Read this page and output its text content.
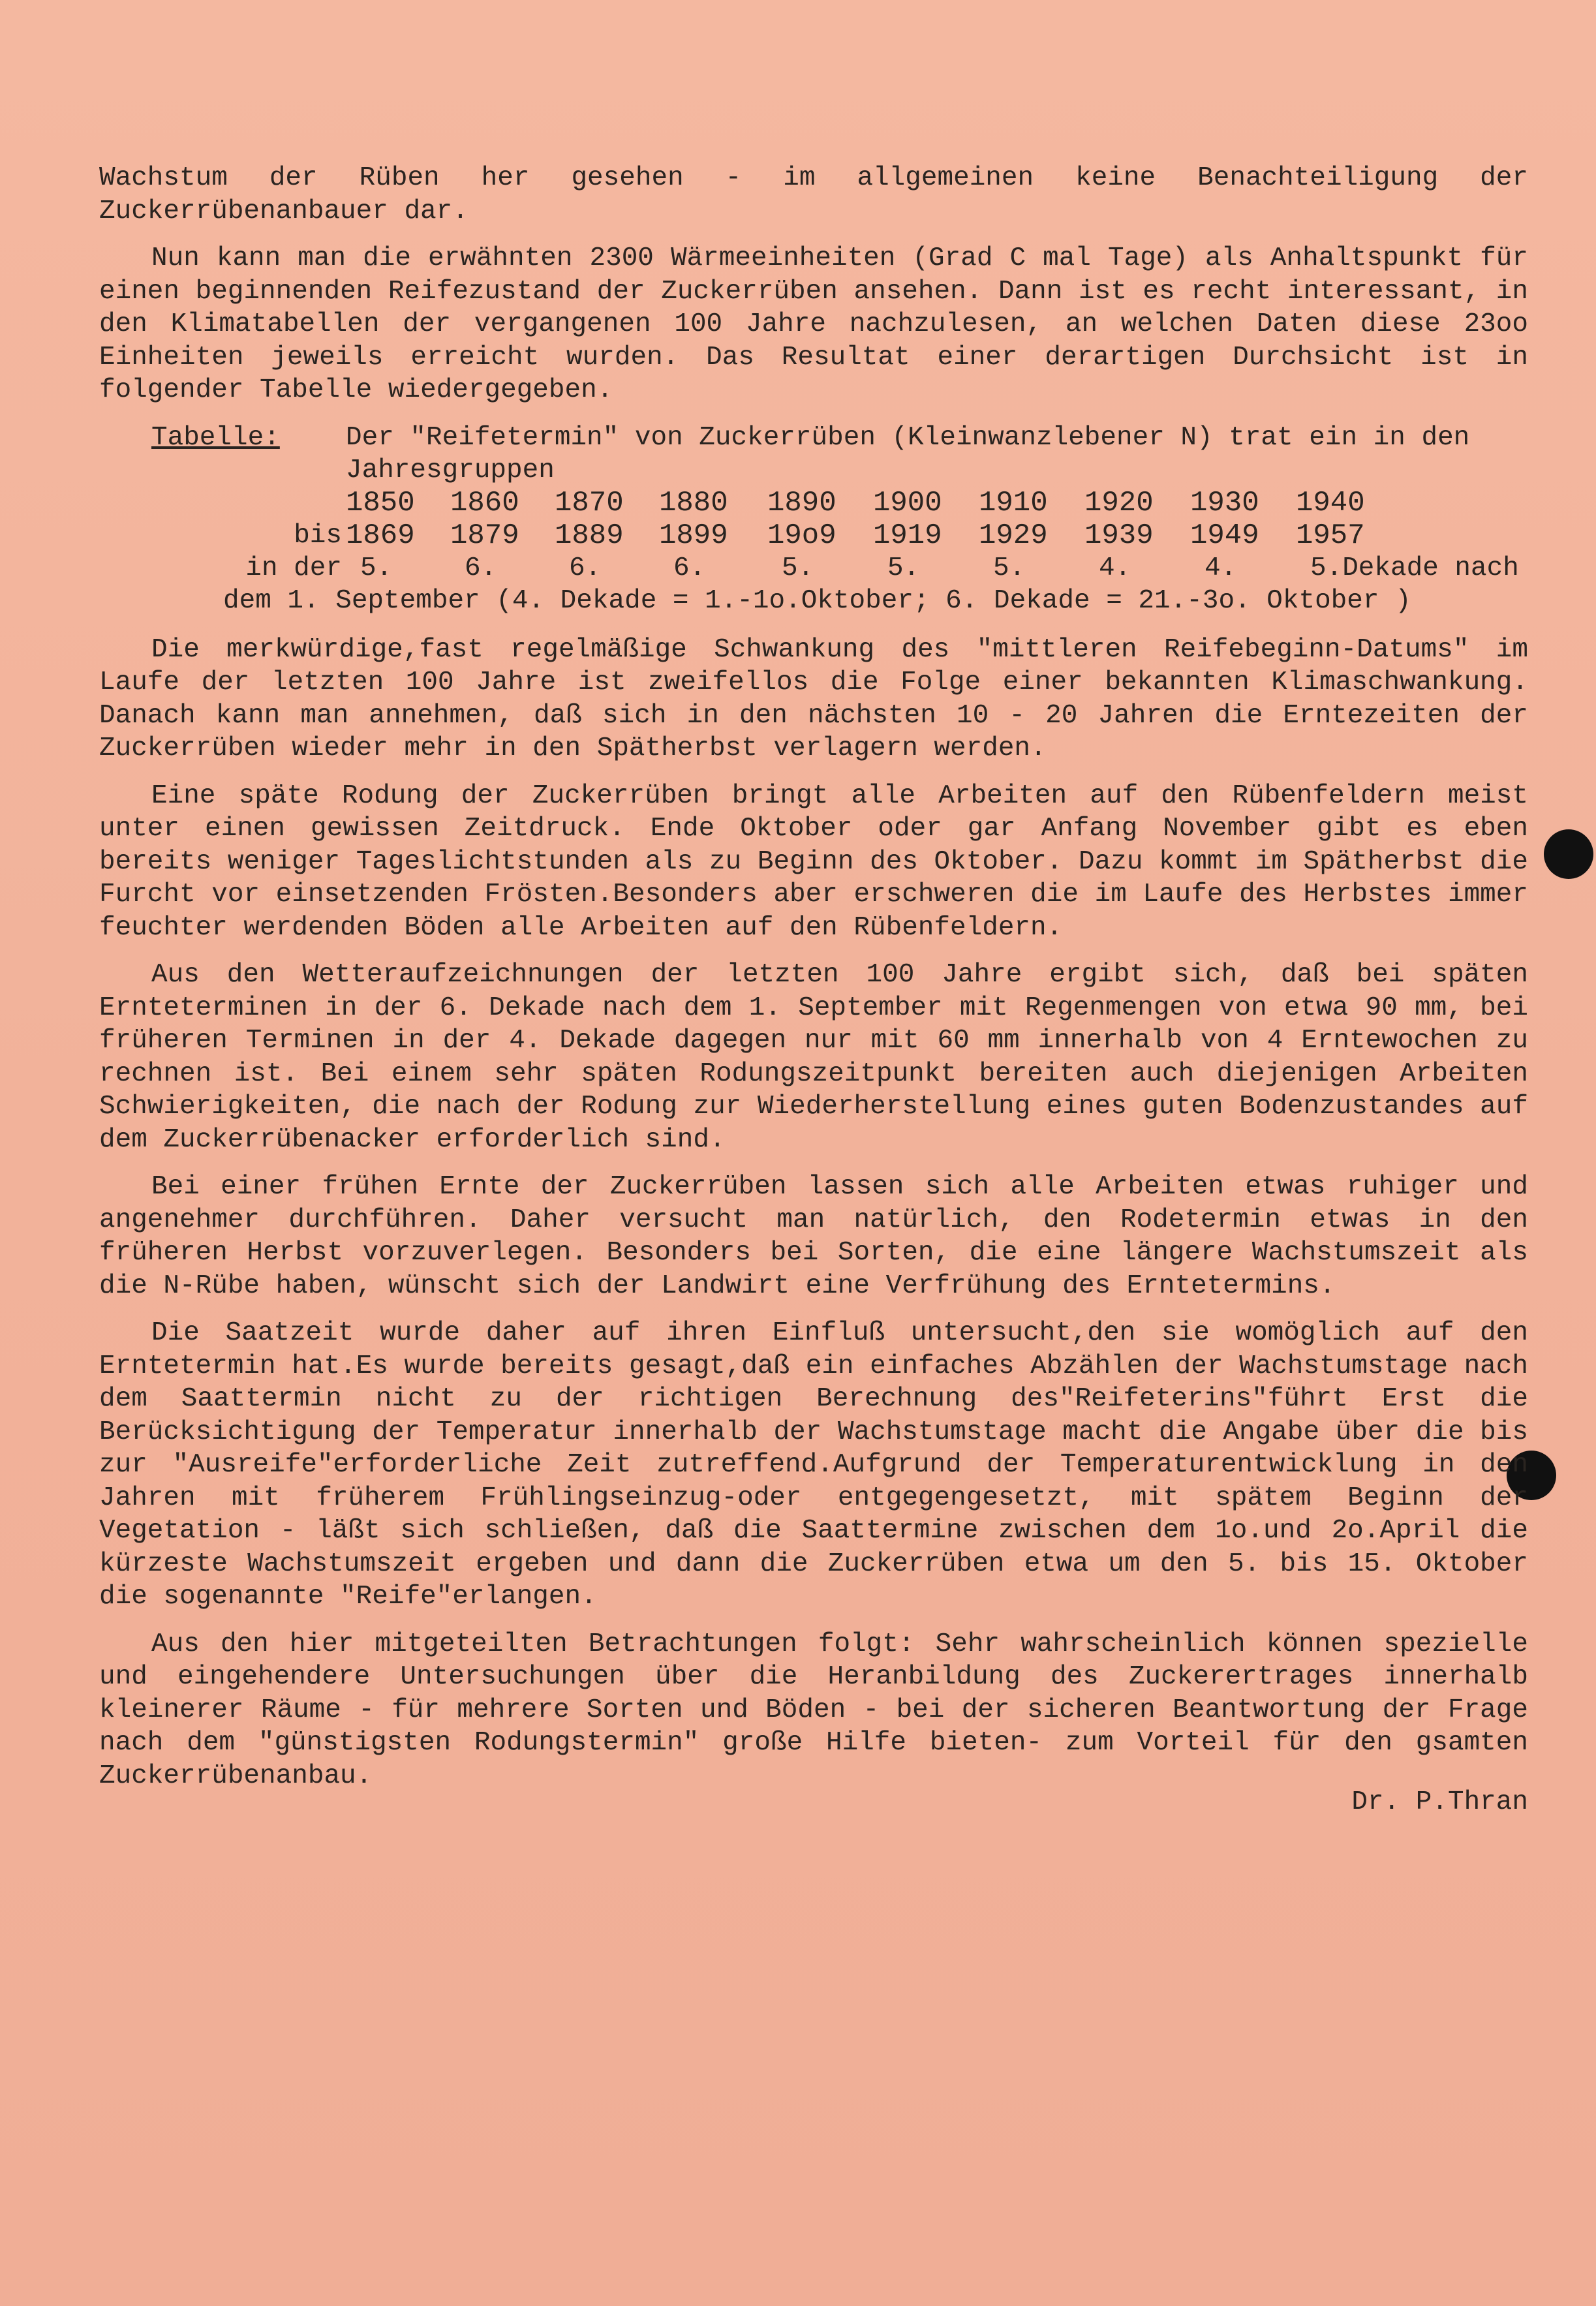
Wachstum der Rüben her gesehen - im allgemeinen keine Benachteiligung der Zuckerrübenanbauer dar.

Nun kann man die erwähnten 2300 Wärmeeinheiten (Grad C mal Tage) als Anhaltspunkt für einen beginnenden Reifezustand der Zuckerrüben ansehen. Dann ist es recht interessant, in den Klimatabellen der vergangenen 100 Jahre nachzulesen, an welchen Daten diese 23oo Einheiten jeweils erreicht wurden. Das Resultat einer derartigen Durchsicht ist in folgender Tabelle wiedergegeben.

Tabelle: Der "Reifetermin" von Zuckerrüben (Kleinwanzlebener N) trat ein in den Jahresgruppen
1850 1860 1870 1880 1890 1900 1910 1920 1930 1940
bis 1869 1879 1889 1899 19o9 1919 1929 1939 1949 1957
in der 5.	6.	6.	6.	5.	5.	5.	4.	4.	5.Dekade nach
dem 1. September (4. Dekade = 1.-1o.Oktober; 6. Dekade = 21.-3o. Oktober )

Die merkwürdige,fast regelmäßige Schwankung des "mittleren Reifebeginn-Datums" im Laufe der letzten 100 Jahre ist zweifellos die Folge einer bekannten Klimaschwankung. Danach kann man annehmen, daß sich in den nächsten 10 - 20 Jahren die Erntezeiten der Zuckerrüben wieder mehr in den Spätherbst verlagern werden.

Eine späte Rodung der Zuckerrüben bringt alle Arbeiten auf den Rübenfeldern meist unter einen gewissen Zeitdruck. Ende Oktober oder gar Anfang November gibt es eben bereits weniger Tageslichtstunden als zu Beginn des Oktober. Dazu kommt im Spätherbst die Furcht vor einsetzenden Frösten.Besonders aber erschweren die im Laufe des Herbstes immer feuchter werdenden Böden alle Arbeiten auf den Rübenfeldern.

Aus den Wetteraufzeichnungen der letzten 100 Jahre ergibt sich, daß bei späten Ernteterminen in der 6. Dekade nach dem 1. September mit Regenmengen von etwa 90 mm, bei früheren Terminen in der 4. Dekade dagegen nur mit 60 mm innerhalb von 4 Erntewochen zu rechnen ist. Bei einem sehr späten Rodungszeitpunkt bereiten auch diejenigen Arbeiten Schwierigkeiten, die nach der Rodung zur Wiederherstellung eines guten Bodenzustandes auf dem Zuckerrübenacker erforderlich sind.

Bei einer frühen Ernte der Zuckerrüben lassen sich alle Arbeiten etwas ruhiger und angenehmer durchführen. Daher versucht man natürlich, den Rodetermin etwas in den früheren Herbst vorzuverlegen. Besonders bei Sorten, die eine längere Wachstumszeit als die N-Rübe haben, wünscht sich der Landwirt eine Verfrühung des Erntetermins.

Die Saatzeit wurde daher auf ihren Einfluß untersucht,den sie womöglich auf den Erntetermin hat.Es wurde bereits gesagt,daß ein einfaches Abzählen der Wachstumstage nach dem Saattermin nicht zu der richtigen Berechnung des"Reifeterins"führt Erst die Berücksichtigung der Temperatur innerhalb der Wachstumstage macht die Angabe über die bis zur "Ausreife"erforderliche Zeit zutreffend.Aufgrund der Temperaturentwicklung in den Jahren mit früherem Frühlingseinzug-oder entgegengesetzt, mit spätem Beginn der Vegetation - läßt sich schließen, daß die Saattermine zwischen dem 1o.und 2o.April die kürzeste Wachstumszeit ergeben und dann die Zuckerrüben etwa um den 5. bis 15. Oktober die sogenannte "Reife"erlangen.

Aus den hier mitgeteilten Betrachtungen folgt: Sehr wahrscheinlich können spezielle und eingehendere Untersuchungen über die Heranbildung des Zuckerertrages innerhalb kleinerer Räume - für mehrere Sorten und Böden - bei der sicheren Beantwortung der Frage nach dem "günstigsten Rodungstermin" große Hilfe bieten- zum Vorteil für den gsamten Zuckerrübenanbau.

Dr. P.Thran
